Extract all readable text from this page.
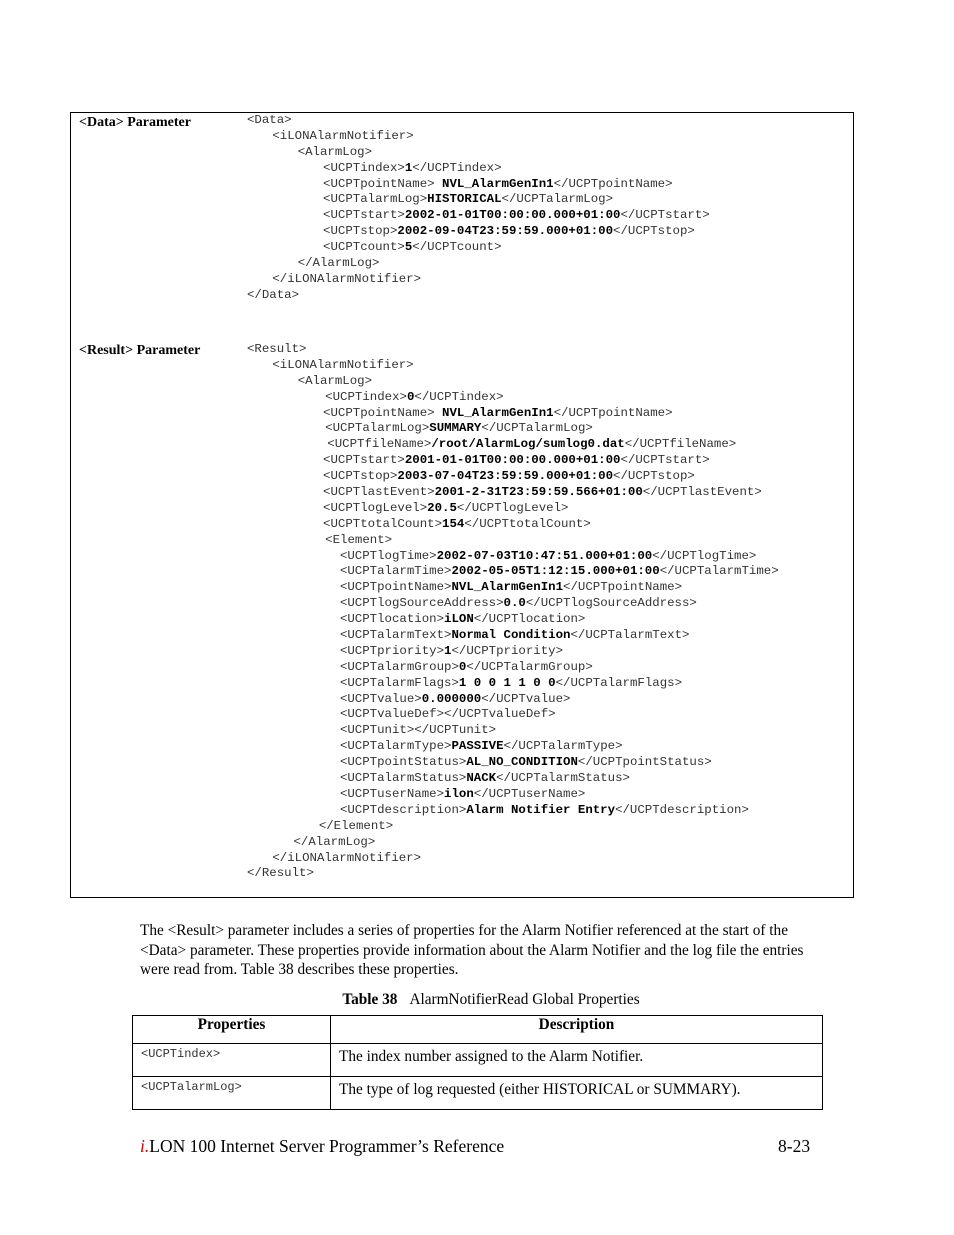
<Data> Parameter	<Data>
<iLONAlarmNotifier>
<AlarmLog>
<UCPTindex>1</UCPTindex>
<UCPTpointName> NVL_AlarmGenIn1</UCPTpointName>
<UCPTalarmLog>HISTORICAL</UCPTalarmLog>
<UCPTstart>2002-01-01T00:00:00.000+01:00</UCPTstart>
<UCPTstop>2002-09-04T23:59:59.000+01:00</UCPTstop>
<UCPTcount>5</UCPTcount>
</AlarmLog>
</iLONAlarmNotifier>
</Data>
<Result> Parameter	<Result>
<iLONAlarmNotifier>
<AlarmLog>
<UCPTindex>0</UCPTindex>
<UCPTpointName> NVL_AlarmGenIn1</UCPTpointName>
<UCPTalarmLog>SUMMARY</UCPTalarmLog>
<UCPTfileName>/root/AlarmLog/sumlog0.dat</UCPTfileName>
<UCPTstart>2001-01-01T00:00:00.000+01:00</UCPTstart>
<UCPTstop>2003-07-04T23:59:59.000+01:00</UCPTstop>
<UCPTlastEvent>2001-2-31T23:59:59.566+01:00</UCPTlastEvent>
<UCPTlogLevel>20.5</UCPTlogLevel>
<UCPTtotalCount>154</UCPTtotalCount>
<Element>
<UCPTlogTime>2002-07-03T10:47:51.000+01:00</UCPTlogTime>
<UCPTalarmTime>2002-05-05T1:12:15.000+01:00</UCPTalarmTime>
<UCPTpointName>NVL_AlarmGenIn1</UCPTpointName>
<UCPTlogSourceAddress>0.0</UCPTlogSourceAddress>
<UCPTlocation>iLON</UCPTlocation>
<UCPTalarmText>Normal Condition</UCPTalarmText>
<UCPTpriority>1</UCPTpriority>
<UCPTalarmGroup>0</UCPTalarmGroup>
<UCPTalarmFlags>1 0 0 1 1 0 0</UCPTalarmFlags>
<UCPTvalue>0.000000</UCPTvalue>
<UCPTvalueDef></UCPTvalueDef>
<UCPTunit></UCPTunit>
<UCPTalarmType>PASSIVE</UCPTalarmType>
<UCPTpointStatus>AL_NO_CONDITION</UCPTpointStatus>
<UCPTalarmStatus>NACK</UCPTalarmStatus>
<UCPTuserName>ilon</UCPTuserName>
<UCPTdescription>Alarm Notifier Entry</UCPTdescription>
</Element>
</AlarmLog>
</iLONAlarmNotifier>
</Result>
The <Result> parameter includes a series of properties for the Alarm Notifier referenced at the start of the <Data> parameter. These properties provide information about the Alarm Notifier and the log file the entries were read from. Table 38 describes these properties.
Table 38 AlarmNotifierRead Global Properties
Properties	Description
<UCPTindex>	The index number assigned to the Alarm Notifier.
<UCPTalarmLog>	The type of log requested (either HISTORICAL or SUMMARY).
i.LON 100 Internet Server Programmer’s Reference	8-23
